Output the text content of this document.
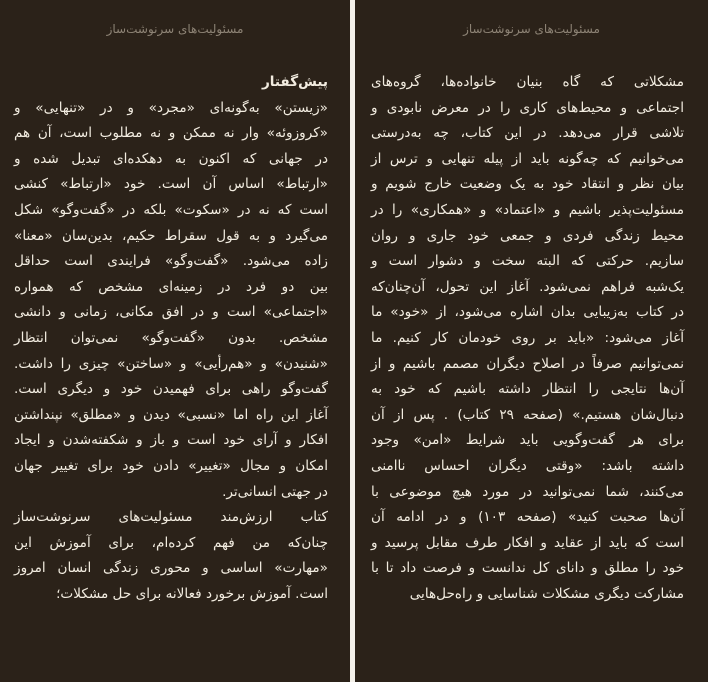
مسئولیت‌های سرنوشت‌ساز
پیش‌گفتار
«زیستن» به‌گونه‌ای «مجرد» و در «تنهایی» و
«کروزوئه» وار نه ممکن و نه مطلوب است، آن هم
در جهانی که اکنون به دهکده‌ای تبدیل شده و
«ارتباط» اساس آن است. خود «ارتباط» کنشی
است که نه در «سکوت» بلکه در «گفت‌وگو» شکل
می‌گیرد و به قول سقراط حکیم، بدین‌سان «معنا»
زاده می‌شود. «گفت‌وگو» فرایندی است حداقل
بین دو فرد در زمینه‌ای مشخص که همواره
«اجتماعی» است و در افق مکانی، زمانی و دانشی
مشخص. بدون «گفت‌وگو» نمی‌توان انتظار
«شنیدن» و «هم‌رأیی» و «ساختن» چیزی را داشت.
گفت‌وگو راهی برای فهمیدن خود و دیگری است.
آغاز این راه اما «نسبی» دیدن و «مطلق» نپنداشتن
افکار و آرای خود است و باز و شکفته‌شدن و ایجاد
امکان و مجال «تغییر» دادن خود برای تغییر جهان
در جهتی انسانی‌تر.
کتاب ارزش‌مند مسئولیت‌های سرنوشت‌ساز
چنان‌که من فهم کرده‌ام، برای آموزش این
«مهارت» اساسی و محوری زندگی انسان امروز
است. آموزش برخورد فعالانه برای حل مشکلات؛
مسئولیت‌های سرنوشت‌ساز
مشکلاتی که گاه بنیان خانواده‌ها، گروه‌های
اجتماعی و محیط‌های کاری را در معرض نابودی و
تلاشی قرار می‌دهد. در این کتاب، چه به‌درستی
می‌خوانیم که چه‌گونه باید از پیله تنهایی و ترس از
بیان نظر و انتقاد خود به یک وضعیت خارج شویم و
مسئولیت‌پذیر باشیم و «اعتماد» و «همکاری» را در
محیط زندگی فردی و جمعی خود جاری و روان
سازیم. حرکتی که البته سخت و دشوار است و
یک‌شبه فراهم نمی‌شود. آغاز این تحول، آن‌چنان‌که
در کتاب به‌زیبایی بدان اشاره می‌شود، از «خود» ما
آغاز می‌شود: «باید بر روی خودمان کار کنیم. ما
نمی‌توانیم صرفاً در اصلاح دیگران مصمم باشیم و از
آن‌ها نتایجی را انتظار داشته باشیم که خود به
دنبال‌شان هستیم.» (صفحه ۲۹ کتاب) . پس از آن
برای هر گفت‌وگویی باید شرایط «امن» وجود
داشته باشد: «وقتی دیگران احساس ناامنی
می‌کنند، شما نمی‌توانید در مورد هیچ موضوعی با
آن‌ها صحبت کنید» (صفحه ۱۰۳) و در ادامه آن
است که باید از عقاید و افکار طرف مقابل پرسید و
خود را مطلق و دانای کل ندانست و فرصت داد تا با
مشارکت دیگری مشکلات شناسایی و راه‌حل‌هایی
